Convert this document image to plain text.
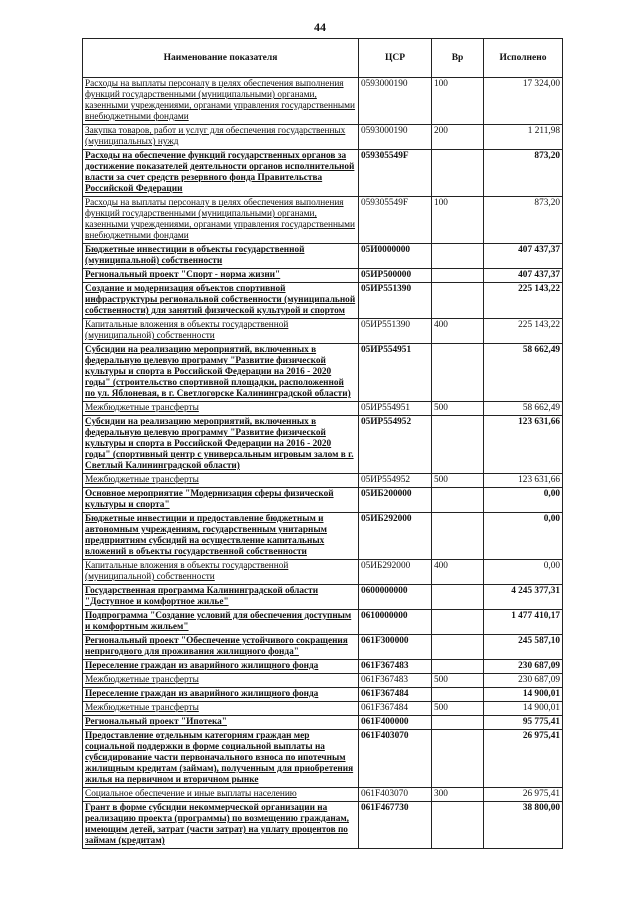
44
Наименование показателя	ЦСР	Вр	Исполнено
Расходы на выплаты персоналу в целях обеспечения выполнения функций государственными (муниципальными) органами, казенными учреждениями, органами управления государственными внебюджетными фондами	0593000190	100	17 324,00
Закупка товаров, работ и услуг для обеспечения государственных (муниципальных) нужд	0593000190	200	1 211,98
Расходы на обеспечение функций государственных органов за достижение показателей деятельности органов исполнительной власти за счет средств резервного фонда Правительства Российской Федерации	059305549F		873,20
Расходы на выплаты персоналу в целях обеспечения выполнения функций государственными (муниципальными) органами, казенными учреждениями, органами управления государственными внебюджетными фондами	059305549F	100	873,20
Бюджетные инвестиции в объекты государственной (муниципальной) собственности	05И0000000		407 437,37
Региональный проект "Спорт - норма жизни"	05ИР500000		407 437,37
Создание и модернизация объектов спортивной инфраструктуры региональной собственности (муниципальной собственности) для занятий физической культурой и спортом	05ИР551390		225 143,22
Капитальные вложения в объекты государственной (муниципальной) собственности	05ИР551390	400	225 143,22
Субсидии на реализацию мероприятий, включенных в федеральную целевую программу "Развитие физической культуры и спорта в Российской Федерации на 2016 - 2020 годы" (строительство спортивной площадки, расположенной по ул. Яблоневая, в г. Светлогорске Калининградской области)	05ИР554951		58 662,49
Межбюджетные трансферты	05ИР554951	500	58 662,49
Субсидии на реализацию мероприятий, включенных в федеральную целевую программу "Развитие физической культуры и спорта в Российской Федерации на 2016 - 2020 годы" (спортивный центр с универсальным игровым залом в г. Светлый Калининградской области)	05ИР554952		123 631,66
Межбюджетные трансферты	05ИР554952	500	123 631,66
Основное мероприятие "Модернизация сферы физической культуры и спорта"	05ИБ200000		0,00
Бюджетные инвестиции и предоставление бюджетным и автономным учреждениям, государственным унитарным предприятиям субсидий на осуществление капитальных вложений в объекты государственной собственности	05ИБ292000		0,00
Капитальные вложения в объекты государственной (муниципальной) собственности	05ИБ292000	400	0,00
Государственная программа Калининградской области "Доступное и комфортное жилье"	0600000000		4 245 377,31
Подпрограмма "Создание условий для обеспечения доступным и комфортным жильем"	0610000000		1 477 410,17
Региональный проект "Обеспечение устойчивого сокращения непригодного для проживания жилищного фонда"	061F300000		245 587,10
Переселение граждан из аварийного жилищного фонда	061F367483		230 687,09
Межбюджетные трансферты	061F367483	500	230 687,09
Переселение граждан из аварийного жилищного фонда	061F367484		14 900,01
Межбюджетные трансферты	061F367484	500	14 900,01
Региональный проект "Ипотека"	061F400000		95 775,41
Предоставление отдельным категориям граждан мер социальной поддержки в форме социальной выплаты на субсидирование части первоначального взноса по ипотечным жилищным кредитам (займам), полученным для приобретения жилья на первичном и вторичном рынке	061F403070		26 975,41
Социальное обеспечение и иные выплаты населению	061F403070	300	26 975,41
Грант в форме субсидии некоммерческой организации на реализацию проекта (программы) по возмещению гражданам, имеющим детей, затрат (части затрат) на уплату процентов по займам (кредитам)	061F467730		38 800,00
